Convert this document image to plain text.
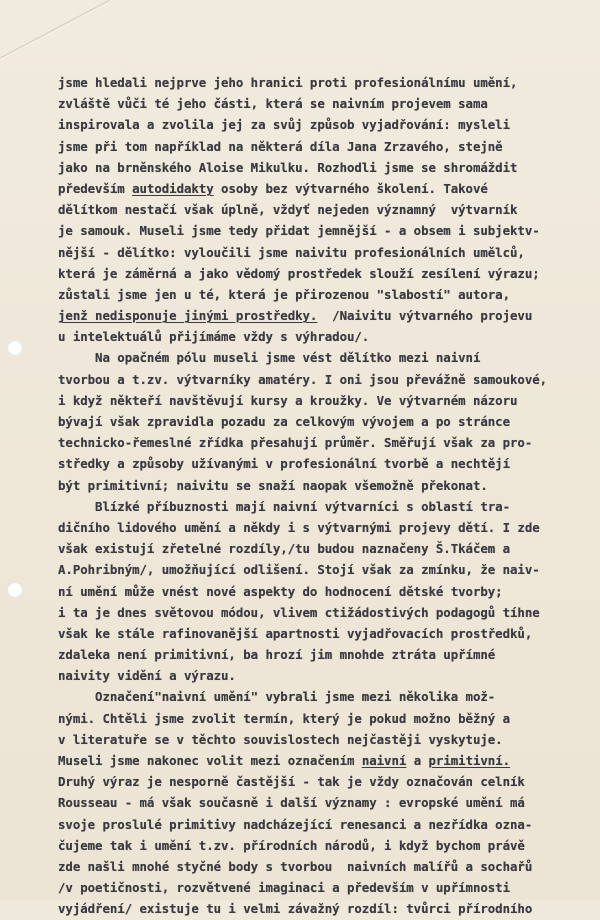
jsme hledali nejprve jeho hranici proti profesionálnímu umění,
zvláště vůči té jeho části, která se naivním projevem sama
inspirovala a zvolila jej za svůj způsob vyjadřování: mysleli
jsme při tom například na některá díla Jana Zrzavého, stejně
jako na brněnského Aloise Mikulku. Rozhodli jsme se shromáždit
především autodidakty osoby bez výtvarného školení. Takové
dělítkom nestačí však úplně, vždyť nejeden významný  výtvarník
je samouk. Museli jsme tedy přidat jemnější - a obsem i subjektv-
nější - dělítko: vyloučili jsme naivitu profesionálních umělců,
která je záměrná a jako vědomý prostředek slouží zesílení výrazu;
zůstali jsme jen u té, která je přirozenou "slabostí" autora,
jenž nedisponuje jinými prostředky.  /Naivitu výtvarného projevu
u intelektuálů přijímáme vždy s výhradou/.
Na opačném pólu museli jsme vést dělítko mezi naivní
tvorbou a t.zv. výtvarníky amatéry. I oni jsou převážně samoukové,
i když někteří navštěvují kursy a kroužky. Ve výtvarném názoru
bývají však zpravidla pozadu za celkovým vývojem a po stránce
technicko-řemeslné zřídka přesahují průměr. Směřují však za pro-
středky a způsoby užívanými v profesionální tvorbě a nechtějí
být primitivní; naivitu se snaží naopak všemožně překonat.
Blízké příbuznosti mají naivní výtvarníci s oblastí tra-
dičního lidového umění a někdy i s výtvarnými projevy dětí. I zde
však existují zřetelné rozdíly,/tu budou naznačeny Š.Tkáčem a
A.Pohribným/, umožňující odlišení. Stojí však za zmínku, že naiv-
ní umění může vnést nové aspekty do hodnocení dětské tvorby;
i ta je dnes světovou módou, vlivem ctižádostivých podagogů tíhne
však ke stále rafinovanější apartnosti vyjadřovacích prostředků,
zdaleka není primitivní, ba hrozí jim mnohde ztráta upřímné
naivity vidění a výrazu.
Označení"naivní umění" vybrali jsme mezi několika mož-
nými. Chtěli jsme zvolit termín, který je pokud možno běžný a
v literatuře se v těchto souvislostech nejčastěji vyskytuje.
Museli jsme nakonec volit mezi označením naivní a primitivní.
Druhý výraz je nesporně častější - tak je vždy označován celník
Rousseau - má však současně i další významy : evropské umění má
svoje proslulé primitivy nadcházející renesanci a nezřídka ozna-
čujeme tak i umění t.zv. přírodních národů, i když bychom právě
zde našli mnohé styčné body s tvorbou  naivních malířů a sochařů
/v poetičnosti, rozvětvené imaginaci a především v upřímnosti
vyjádření/ existuje tu i velmi závažný rozdíl: tvůrci přírodního
